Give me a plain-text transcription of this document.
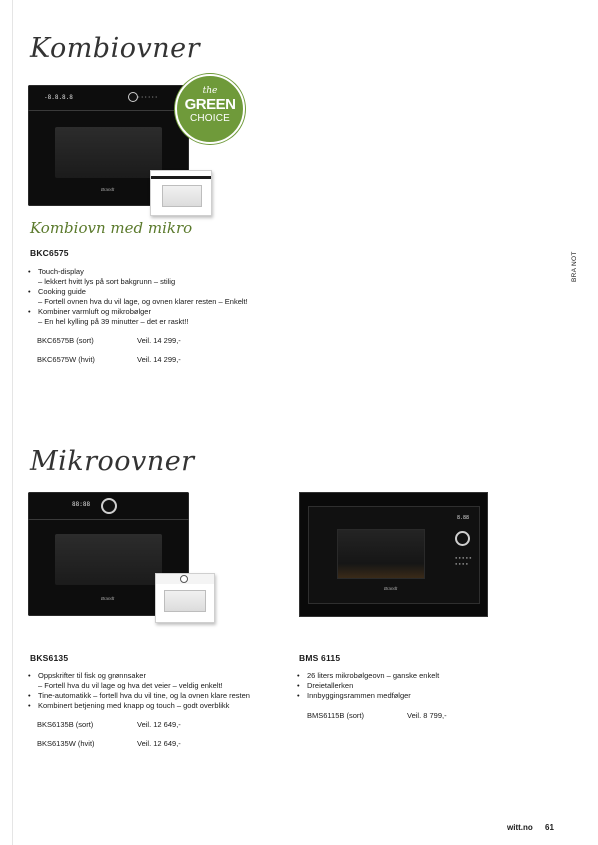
Kombiovner
-8.8.8.8	• • • • • •
Brandt
the
GREEN
CHOICE
Kombiovn med mikro
BKC6575
• Touch-display
– lekkert hvitt lys på sort bakgrunn – stilig
• Cooking guide
– Fortell ovnen hva du vil lage, og ovnen klarer resten – Enkelt!
• Kombiner varmluft og mikrobølger
– En hel kylling på 39 minutter – det er raskt!!
BKC6575B (sort)	Veil. 14 299,-
BKC6575W (hvit)	Veil. 14 299,-
BRA NOT
Mikroovner
88:88
Brandt
8.88
● ● ● ● ● ● ● ● ●
Brandt
BKS6135	BMS 6115
• Oppskrifter til fisk og grønnsaker
– Fortell hva du vil lage og hva det veier – veldig enkelt!
• Tine-automatikk – fortell hva du vil tine, og la ovnen klare resten
• Kombinert betjening med knapp og touch – godt overblikk
• 26 liters mikrobølgeovn – ganske enkelt
• Dreietallerken
• Innbyggingsrammen medfølger
BKS6135B (sort)	Veil. 12 649,-
BKS6135W (hvit)	Veil. 12 649,-
BMS6115B (sort)	Veil. 8 799,-
witt.no 61
